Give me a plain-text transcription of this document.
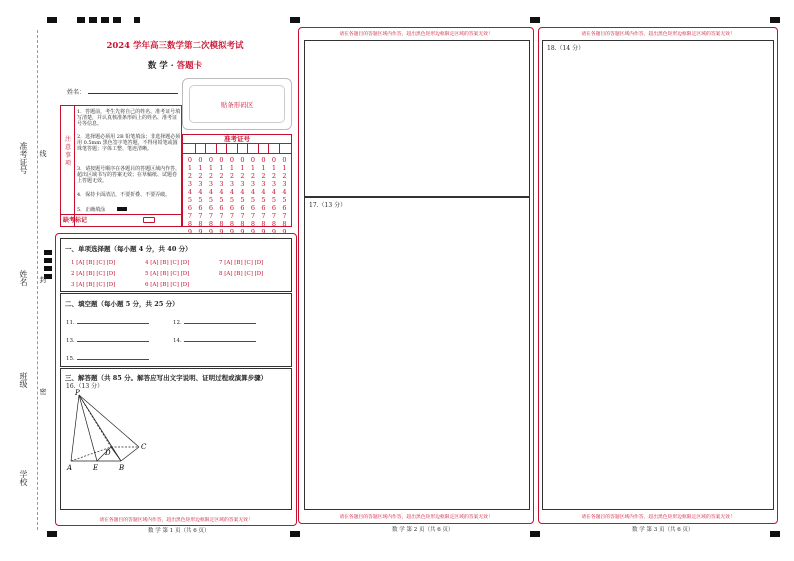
准考证号 线
姓名 封
班级
密
学校
2024 学年高三数学第二次模拟考试
数 学 · 答题卡
姓名：
贴条形码区
注意事项
1．答题前，考生先将自己的姓名、准考证号填写清楚，并认真核准条形码上的姓名、准考证号等信息。
2．选择题必须用 2B 铅笔填涂；非选择题必须用 0.5mm 黑色签字笔答题，不得用铅笔或圆珠笔答题；字体工整、笔迹清晰。
3．请按题号顺序在各题目的答题区域内作答，超出区域书写的答案无效；在草稿纸、试题卷上答题无效。
4．保持卡面清洁，不要折叠、不要弄破。
5．正确填涂
缺考标记
准考证号
0
1
2
3
4
5
6
7
8
9
0
1
2
3
4
5
6
7
8
9
0
1
2
3
4
5
6
7
8
9
0
1
2
3
4
5
6
7
8
9
0
1
2
3
4
5
6
7
8
9
0
1
2
3
4
5
6
7
8
9
0
1
2
3
4
5
6
7
8
9
0
1
2
3
4
5
6
7
8
9
0
1
2
3
4
5
6
7
8
9
0
1
2
3
4
5
6
7
8
9
一、单项选择题（每小题 4 分，共 40 分）
1 [A] [B] [C] [D]
2 [A] [B] [C] [D]
3 [A] [B] [C] [D]
4 [A] [B] [C] [D]
5 [A] [B] [C] [D]
6 [A] [B] [C] [D]
7 [A] [B] [C] [D]
8 [A] [B] [C] [D]
二、填空题（每小题 5 分，共 25 分）
11.	12.
13.	14.
15.
三、解答题（共 85 分。解答应写出文字说明、证明过程或演算步骤）
16.（13 分）
P
A	E	B
C
D
请在各题目的答题区域内作答，超出黑色矩形边框限定区域的答案无效！
数 学 第 1 页（共 6 页）
请在各题目的答题区域内作答，超出黑色矩形边框限定区域的答案无效！
17.（13 分）
请在各题目的答题区域内作答，超出黑色矩形边框限定区域的答案无效！
数 学 第 2 页（共 6 页）
请在各题目的答题区域内作答，超出黑色矩形边框限定区域的答案无效！
18.（14 分）
请在各题目的答题区域内作答，超出黑色矩形边框限定区域的答案无效！
数 学 第 3 页（共 6 页）
